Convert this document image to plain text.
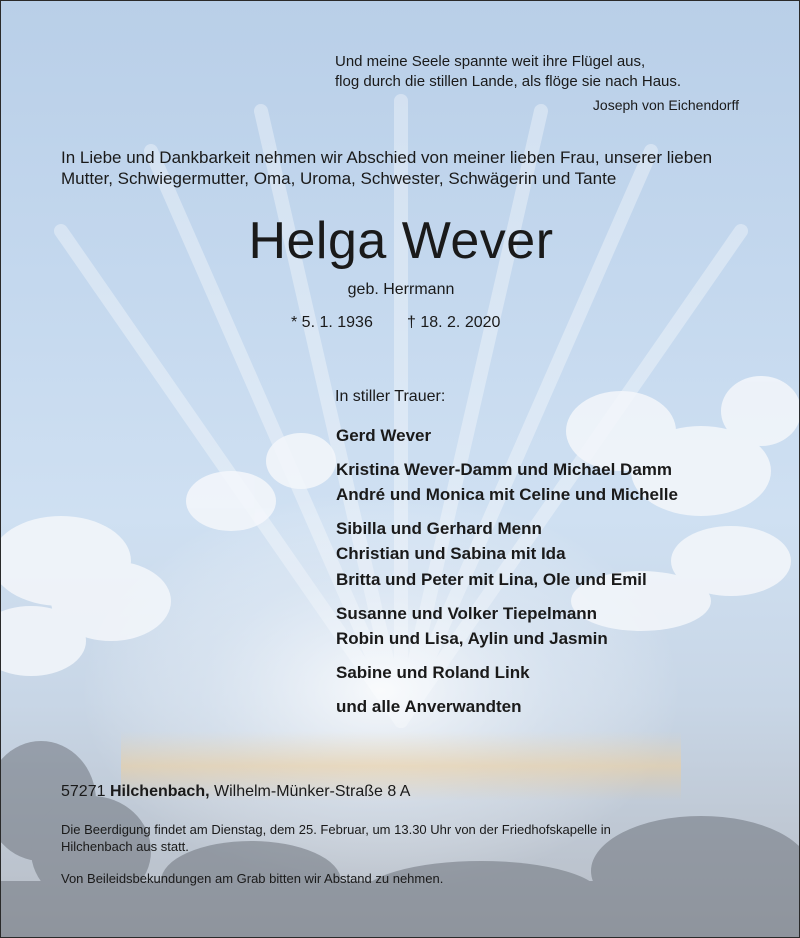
Und meine Seele spannte weit ihre Flügel aus,
flog durch die stillen Lande, als flöge sie nach Haus.
Joseph von Eichendorff
In Liebe und Dankbarkeit nehmen wir Abschied von meiner lieben Frau, unserer lieben
Mutter, Schwiegermutter, Oma, Uroma, Schwester, Schwägerin und Tante
Helga Wever
geb. Herrmann
* 5. 1. 1936 † 18. 2. 2020
In stiller Trauer:
Gerd Wever
Kristina Wever-Damm und Michael Damm
André und Monica mit Celine und Michelle
Sibilla und Gerhard Menn
Christian und Sabina mit Ida
Britta und Peter mit Lina, Ole und Emil
Susanne und Volker Tiepelmann
Robin und Lisa, Aylin und Jasmin
Sabine und Roland Link
und alle Anverwandten
57271 Hilchenbach, Wilhelm-Münker-Straße 8 A
Die Beerdigung findet am Dienstag, dem 25. Februar, um 13.30 Uhr von der Friedhofskapelle in
Hilchenbach aus statt.
Von Beileidsbekundungen am Grab bitten wir Abstand zu nehmen.
